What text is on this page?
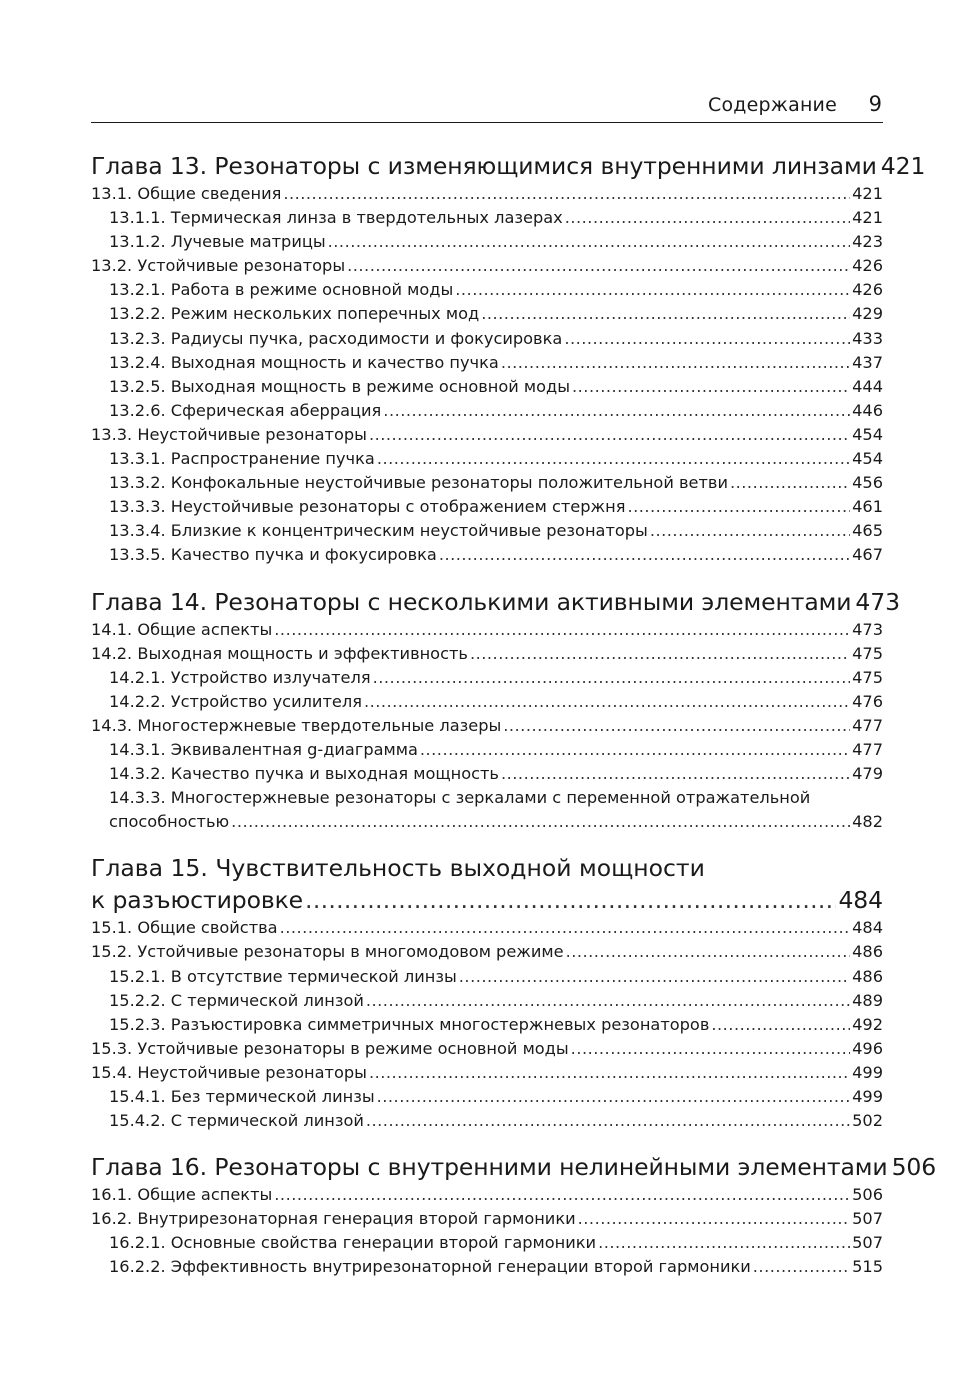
Содержание 9
Глава 13. Резонаторы с изменяющимися внутренними линзами 421
13.1. Общие сведения .....	421
13.1.1. Термическая линза в твердотельных лазерах .....	421
13.1.2. Лучевые матрицы .....	423
13.2. Устойчивые резонаторы .....	426
13.2.1. Работа в режиме основной моды .....	426
13.2.2. Режим нескольких поперечных мод .....	429
13.2.3. Радиусы пучка, расходимости и фокусировка .....	433
13.2.4. Выходная мощность и качество пучка .....	437
13.2.5. Выходная мощность в режиме основной моды .....	444
13.2.6. Сферическая аберрация .....	446
13.3. Неустойчивые резонаторы .....	454
13.3.1. Распространение пучка .....	454
13.3.2. Конфокальные неустойчивые резонаторы положительной ветви .....	456
13.3.3. Неустойчивые резонаторы с отображением стержня .....	461
13.3.4. Близкие к концентрическим неустойчивые резонаторы .....	465
13.3.5. Качество пучка и фокусировка .....	467
Глава 14. Резонаторы с несколькими активными элементами 473
14.1. Общие аспекты .....	473
14.2. Выходная мощность и эффективность .....	475
14.2.1. Устройство излучателя .....	475
14.2.2. Устройство усилителя .....	476
14.3. Многостержневые твердотельные лазеры .....	477
14.3.1. Эквивалентная g-диаграмма .....	477
14.3.2. Качество пучка и выходная мощность .....	479
14.3.3. Многостержневые резонаторы с зеркалами с переменной отражательной
способностью .....	482
Глава 15. Чувствительность выходной мощности
к разъюстировке .....	484
15.1. Общие свойства .....	484
15.2. Устойчивые резонаторы в многомодовом режиме .....	486
15.2.1. В отсутствие термической линзы .....	486
15.2.2. С термической линзой .....	489
15.2.3. Разъюстировка симметричных многостержневых резонаторов .....	492
15.3. Устойчивые резонаторы в режиме основной моды .....	496
15.4. Неустойчивые резонаторы .....	499
15.4.1. Без термической линзы .....	499
15.4.2. С термической линзой .....	502
Глава 16. Резонаторы с внутренними нелинейными элементами 506
16.1. Общие аспекты .....	506
16.2. Внутрирезонаторная генерация второй гармоники .....	507
16.2.1. Основные свойства генерации второй гармоники .....	507
16.2.2. Эффективность внутрирезонаторной генерации второй гармоники .....	515
